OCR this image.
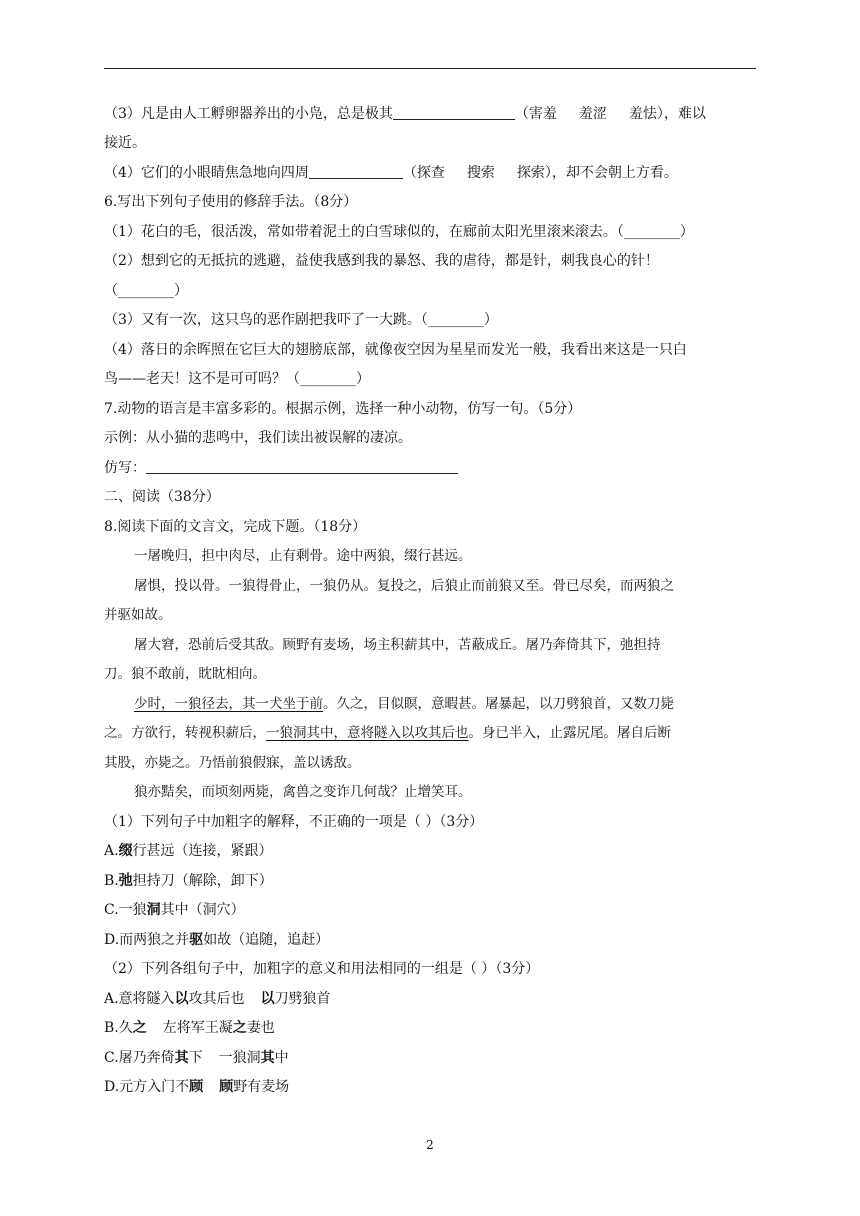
（3）凡是由人工孵卵器养出的小凫，总是极其	（害羞 羞涩 羞怯），难以
接近。
（4）它们的小眼睛焦急地向四周	（探查 搜索 探索），却不会朝上方看。
6.写出下列句子使用的修辞手法。（8分）
（1）花白的毛，很活泼，常如带着泥土的白雪球似的，在廊前太阳光里滚来滚去。（________）
（2）想到它的无抵抗的逃避，益使我感到我的暴怒、我的虐待，都是针，刺我良心的针！
（________）
（3）又有一次，这只鸟的恶作剧把我吓了一大跳。（________）
（4）落日的余晖照在它巨大的翅膀底部，就像夜空因为星星而发光一般，我看出来这是一只白
鸟——老天！这不是可可吗？（________）
7.动物的语言是丰富多彩的。根据示例，选择一种小动物，仿写一句。（5分）
示例：从小猫的悲鸣中，我们读出被误解的凄凉。
仿写：
二、阅读（38分）
8.阅读下面的文言文，完成下题。（18分）
一屠晚归，担中肉尽，止有剩骨。途中两狼，缀行甚远。
屠惧，投以骨。一狼得骨止，一狼仍从。复投之，后狼止而前狼又至。骨已尽矣，而两狼之
并驱如故。
屠大窘，恐前后受其敌。顾野有麦场，场主积薪其中，苫蔽成丘。屠乃奔倚其下，弛担持
刀。狼不敢前，眈眈相向。
少时，一狼径去，其一犬坐于前。久之，目似瞑，意暇甚。屠暴起，以刀劈狼首，又数刀毙
之。方欲行，转视积薪后，一狼洞其中，意将隧入以攻其后也。身已半入，止露尻尾。屠自后断
其股，亦毙之。乃悟前狼假寐，盖以诱敌。
狼亦黠矣，而顷刻两毙，禽兽之变诈几何哉？止增笑耳。
（1）下列句子中加粗字的解释，不正确的一项是（ ）（3分）
A.缀行甚远（连接，紧跟）
B.弛担持刀（解除，卸下）
C.一狼洞其中（洞穴）
D.而两狼之并驱如故（追随，追赶）
（2）下列各组句子中，加粗字的意义和用法相同的一组是（ ）（3分）
A.意将隧入以攻其后也 以刀劈狼首
B.久之 左将军王凝之妻也
C.屠乃奔倚其下 一狼洞其中
D.元方入门不顾 顾野有麦场
2
